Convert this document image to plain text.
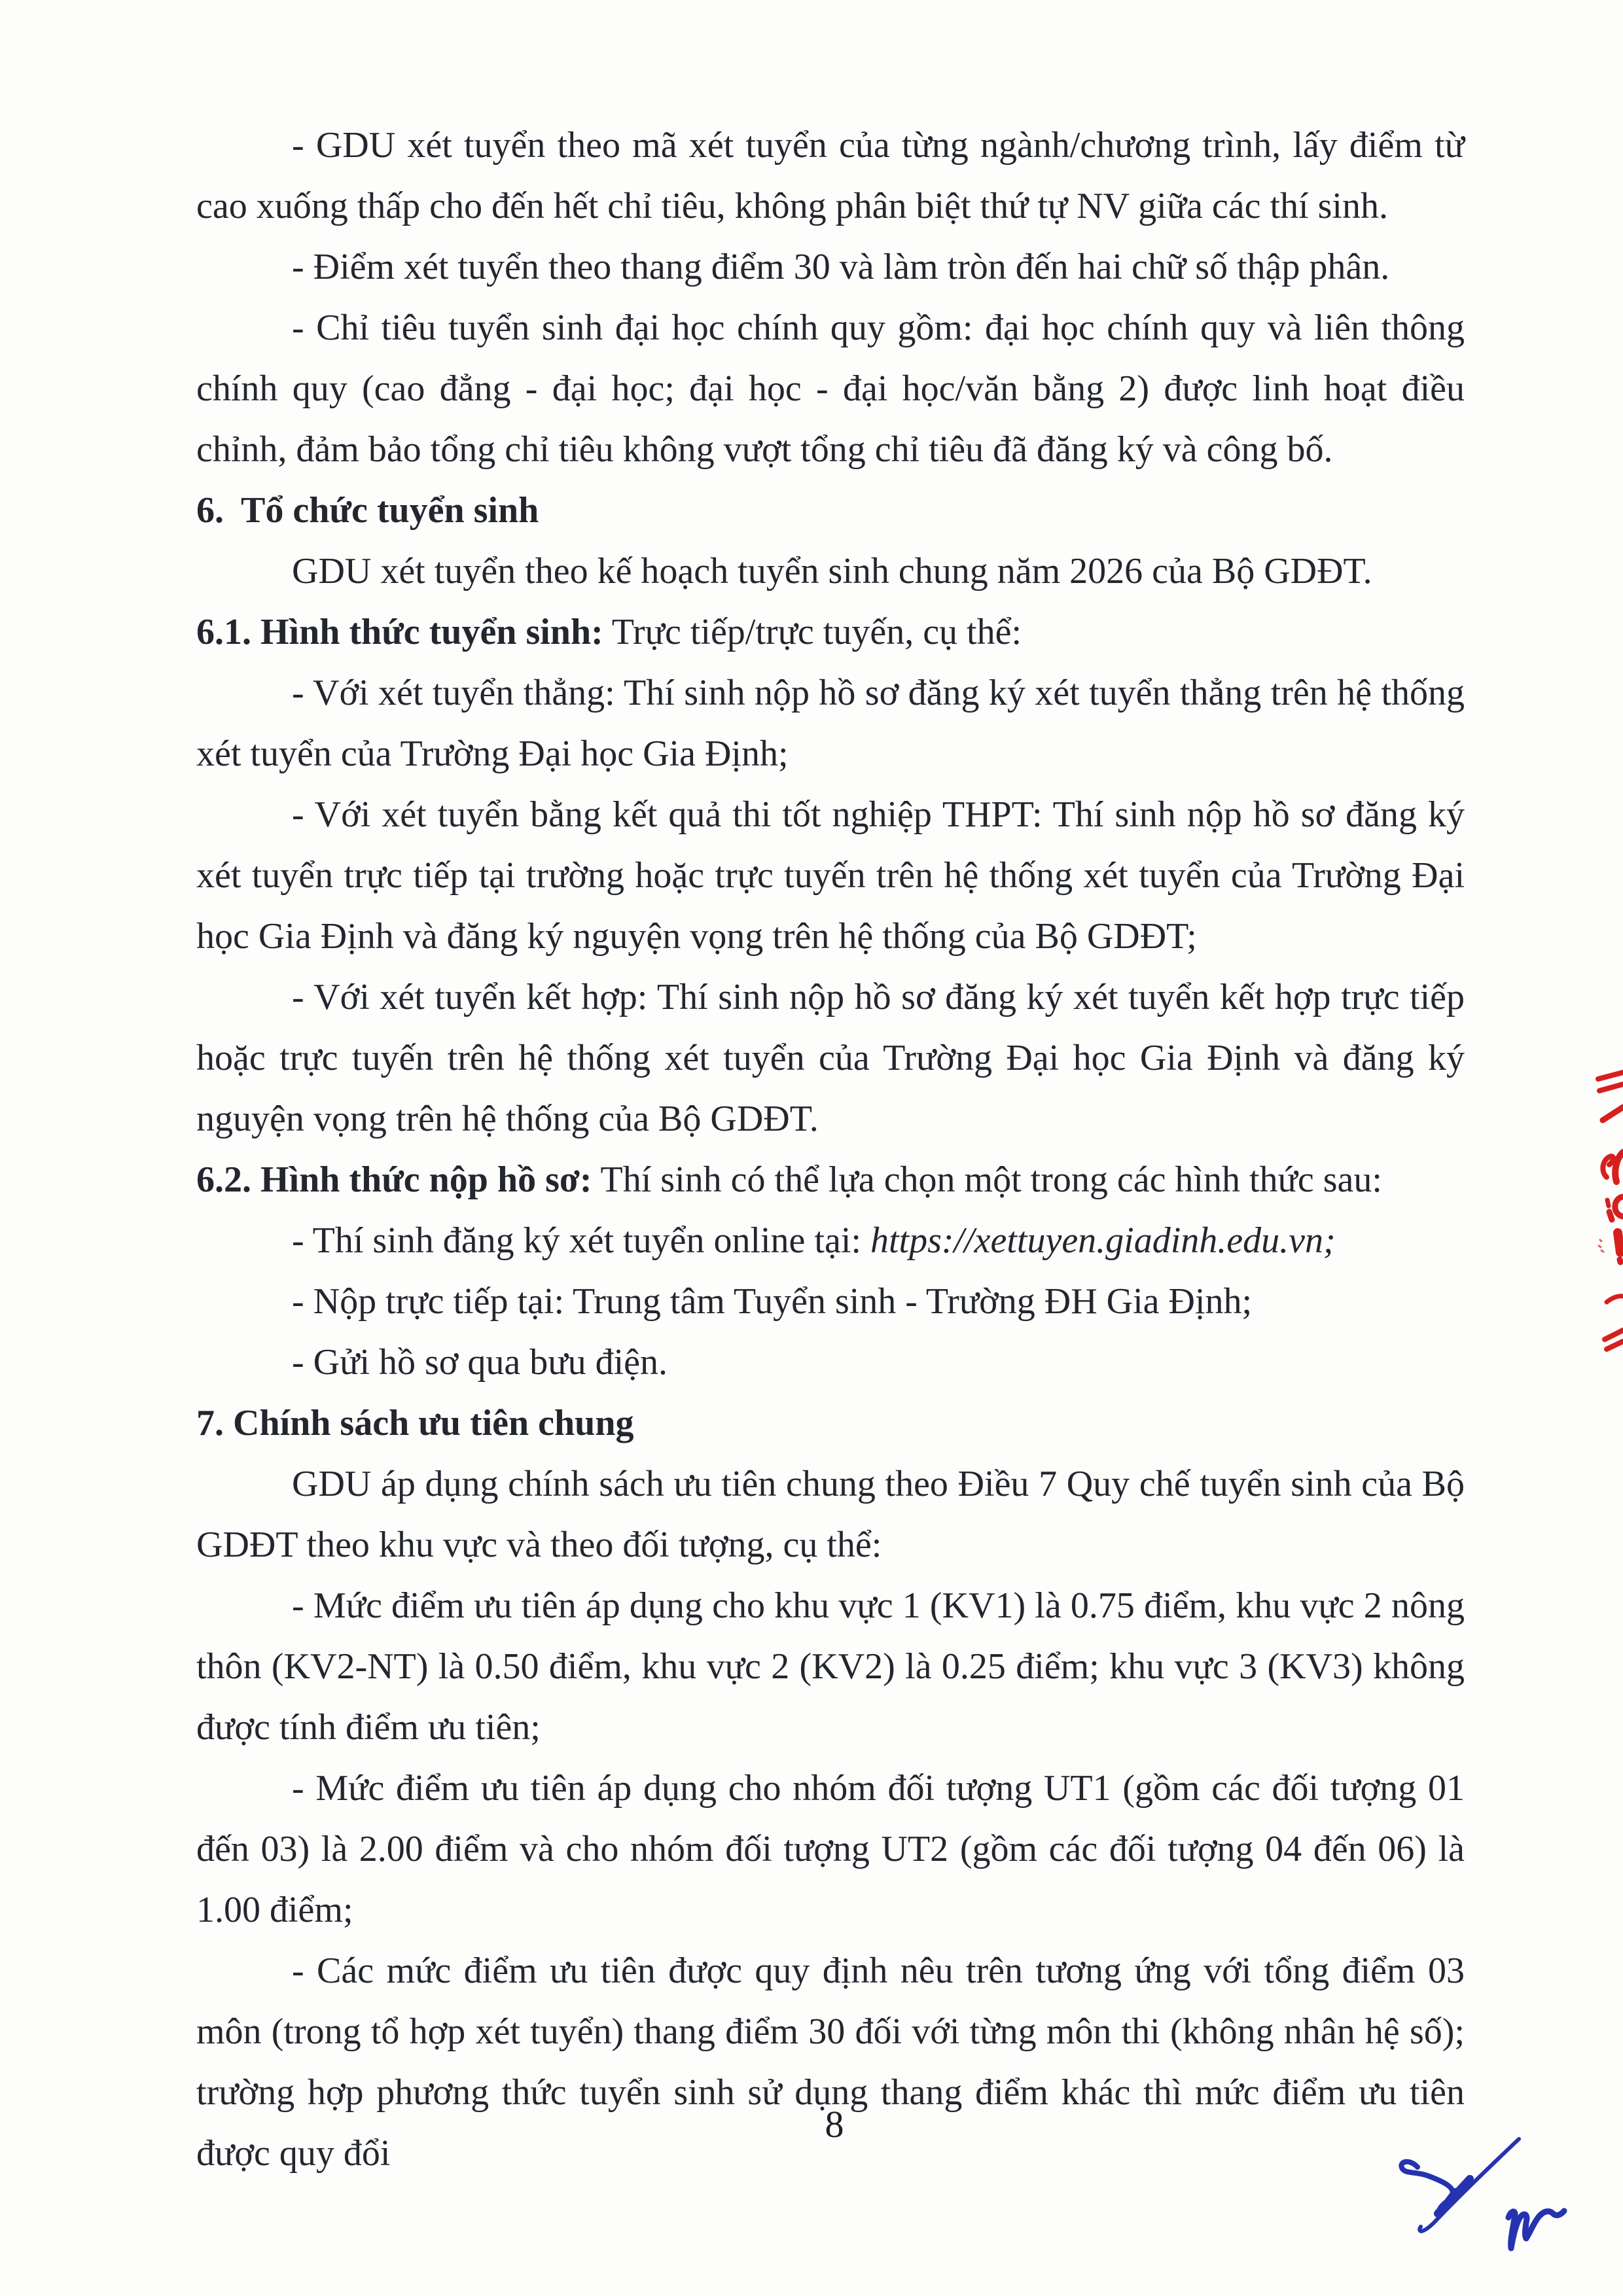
- GDU xét tuyển theo mã xét tuyển của từng ngành/chương trình, lấy điểm từ cao xuống thấp cho đến hết chỉ tiêu, không phân biệt thứ tự NV giữa các thí sinh.

- Điểm xét tuyển theo thang điểm 30 và làm tròn đến hai chữ số thập phân.

- Chỉ tiêu tuyển sinh đại học chính quy gồm: đại học chính quy và liên thông chính quy (cao đẳng - đại học; đại học - đại học/văn bằng 2) được linh hoạt điều chỉnh, đảm bảo tổng chỉ tiêu không vượt tổng chỉ tiêu đã đăng ký và công bố.

6. Tổ chức tuyển sinh

GDU xét tuyển theo kế hoạch tuyển sinh chung năm 2026 của Bộ GDĐT.

6.1. Hình thức tuyển sinh: Trực tiếp/trực tuyến, cụ thể:

- Với xét tuyển thẳng: Thí sinh nộp hồ sơ đăng ký xét tuyển thẳng trên hệ thống xét tuyển của Trường Đại học Gia Định;

- Với xét tuyển bằng kết quả thi tốt nghiệp THPT: Thí sinh nộp hồ sơ đăng ký xét tuyển trực tiếp tại trường hoặc trực tuyến trên hệ thống xét tuyển của Trường Đại học Gia Định và đăng ký nguyện vọng trên hệ thống của Bộ GDĐT;

- Với xét tuyển kết hợp: Thí sinh nộp hồ sơ đăng ký xét tuyển kết hợp trực tiếp hoặc trực tuyến trên hệ thống xét tuyển của Trường Đại học Gia Định và đăng ký nguyện vọng trên hệ thống của Bộ GDĐT.

6.2. Hình thức nộp hồ sơ: Thí sinh có thể lựa chọn một trong các hình thức sau:

- Thí sinh đăng ký xét tuyển online tại: https://xettuyen.giadinh.edu.vn;

- Nộp trực tiếp tại: Trung tâm Tuyển sinh - Trường ĐH Gia Định;

- Gửi hồ sơ qua bưu điện.

7. Chính sách ưu tiên chung

GDU áp dụng chính sách ưu tiên chung theo Điều 7 Quy chế tuyển sinh của Bộ GDĐT theo khu vực và theo đối tượng, cụ thể:

- Mức điểm ưu tiên áp dụng cho khu vực 1 (KV1) là 0.75 điểm, khu vực 2 nông thôn (KV2-NT) là 0.50 điểm, khu vực 2 (KV2) là 0.25 điểm; khu vực 3 (KV3) không được tính điểm ưu tiên;

- Mức điểm ưu tiên áp dụng cho nhóm đối tượng UT1 (gồm các đối tượng 01 đến 03) là 2.00 điểm và cho nhóm đối tượng UT2 (gồm các đối tượng 04 đến 06) là 1.00 điểm;

- Các mức điểm ưu tiên được quy định nêu trên tương ứng với tổng điểm 03 môn (trong tổ hợp xét tuyển) thang điểm 30 đối với từng môn thi (không nhân hệ số); trường hợp phương thức tuyển sinh sử dụng thang điểm khác thì mức điểm ưu tiên được quy đổi

8
